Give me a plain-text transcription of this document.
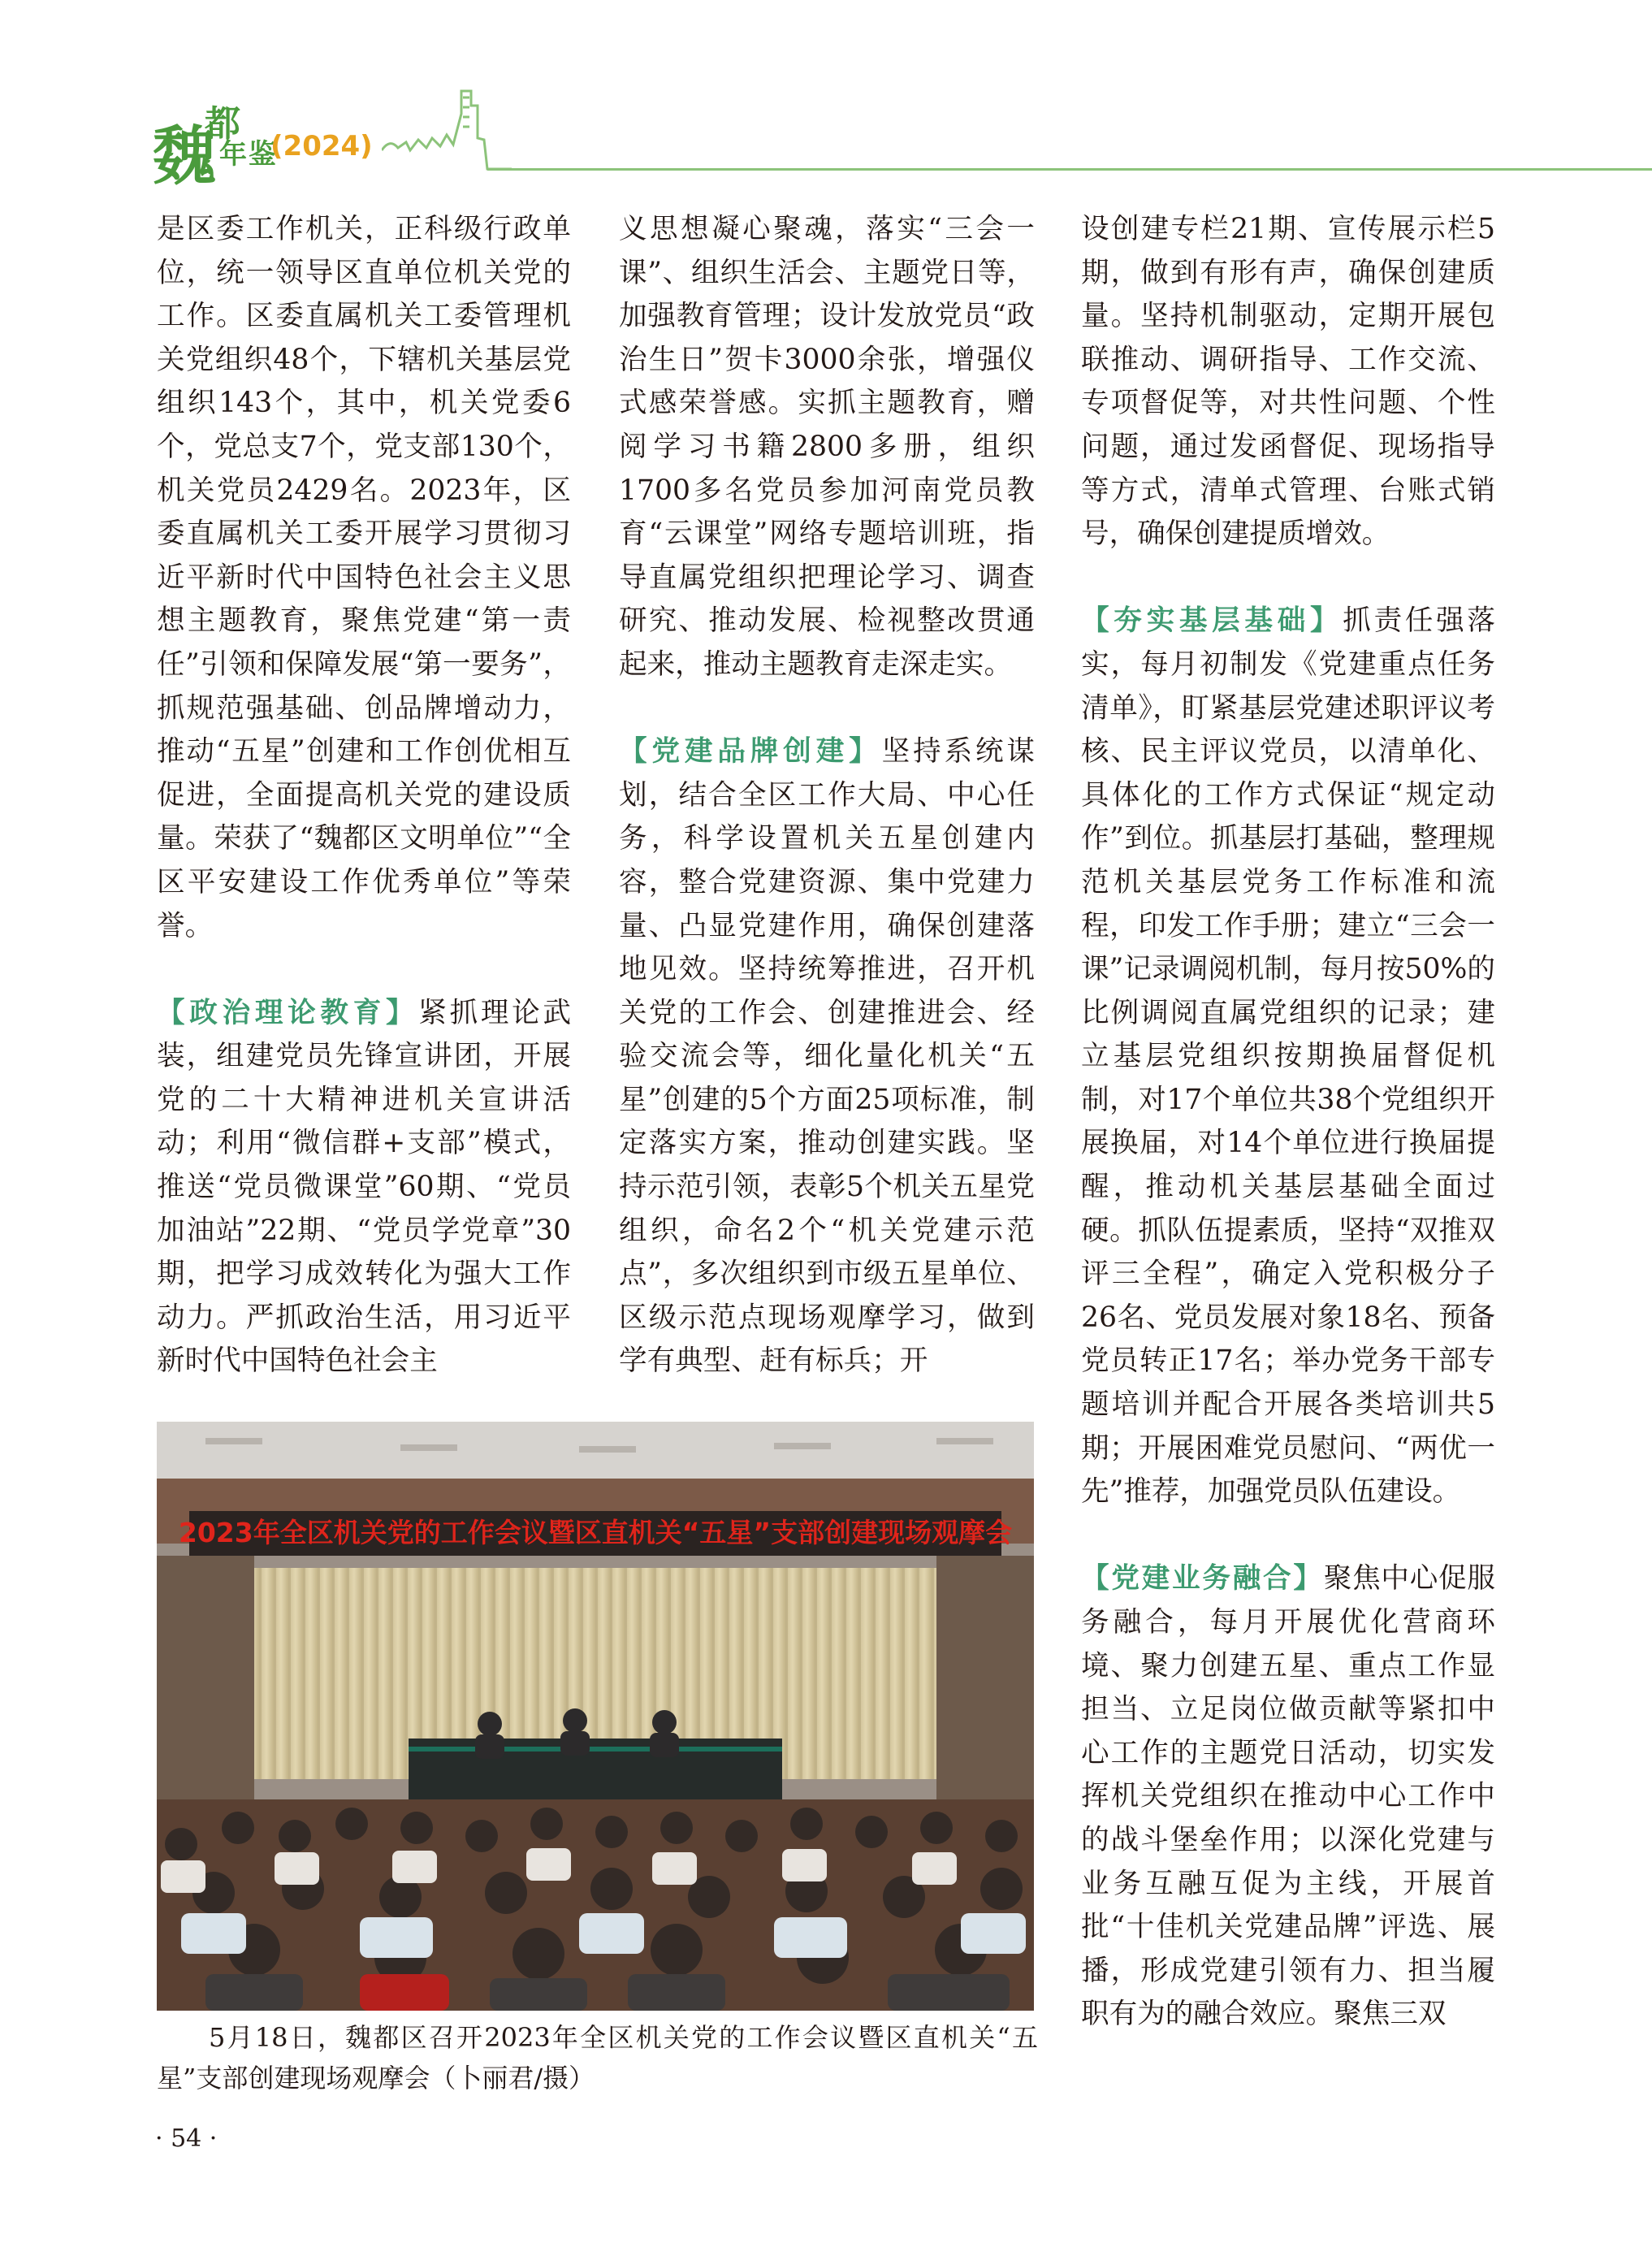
魏
都
年鉴
(2024)

是区委工作机关，正科级行政单位，统一领导区直单位机关党的工作。区委直属机关工委管理机关党组织48个，下辖机关基层党组织143个，其中，机关党委6个，党总支7个，党支部130个，机关党员2429名。2023年，区委直属机关工委开展学习贯彻习近平新时代中国特色社会主义思想主题教育，聚焦党建“第一责任”引领和保障发展“第一要务”，抓规范强基础、创品牌增动力，推动“五星”创建和工作创优相互促进，全面提高机关党的建设质量。荣获了“魏都区文明单位”“全区平安建设工作优秀单位”等荣誉。

【政治理论教育】紧抓理论武装，组建党员先锋宣讲团，开展党的二十大精神进机关宣讲活动；利用“微信群+支部”模式，推送“党员微课堂”60期、“党员加油站”22期、“党员学党章”30期，把学习成效转化为强大工作动力。严抓政治生活，用习近平新时代中国特色社会主

义思想凝心聚魂，落实“三会一课”、组织生活会、主题党日等，加强教育管理；设计发放党员“政治生日”贺卡3000余张，增强仪式感荣誉感。实抓主题教育，赠阅学习书籍2800多册，组织1700多名党员参加河南党员教育“云课堂”网络专题培训班，指导直属党组织把理论学习、调查研究、推动发展、检视整改贯通起来，推动主题教育走深走实。

【党建品牌创建】坚持系统谋划，结合全区工作大局、中心任务，科学设置机关五星创建内容，整合党建资源、集中党建力量、凸显党建作用，确保创建落地见效。坚持统筹推进，召开机关党的工作会、创建推进会、经验交流会等，细化量化机关“五星”创建的5个方面25项标准，制定落实方案，推动创建实践。坚持示范引领，表彰5个机关五星党组织，命名2个“机关党建示范点”，多次组织到市级五星单位、区级示范点现场观摩学习，做到学有典型、赶有标兵；开

设创建专栏21期、宣传展示栏5期，做到有形有声，确保创建质量。坚持机制驱动，定期开展包联推动、调研指导、工作交流、专项督促等，对共性问题、个性问题，通过发函督促、现场指导等方式，清单式管理、台账式销号，确保创建提质增效。

【夯实基层基础】抓责任强落实，每月初制发《党建重点任务清单》，盯紧基层党建述职评议考核、民主评议党员，以清单化、具体化的工作方式保证“规定动作”到位。抓基层打基础，整理规范机关基层党务工作标准和流程，印发工作手册；建立“三会一课”记录调阅机制，每月按50%的比例调阅直属党组织的记录；建立基层党组织按期换届督促机制，对17个单位共38个党组织开展换届，对14个单位进行换届提醒，推动机关基层基础全面过硬。抓队伍提素质，坚持“双推双评三全程”，确定入党积极分子26名、党员发展对象18名、预备党员转正17名；举办党务干部专题培训并配合开展各类培训共5期；开展困难党员慰问、“两优一先”推荐，加强党员队伍建设。

【党建业务融合】聚焦中心促服务融合，每月开展优化营商环境、聚力创建五星、重点工作显担当、立足岗位做贡献等紧扣中心工作的主题党日活动，切实发挥机关党组织在推动中心工作中的战斗堡垒作用；以深化党建与业务互融互促为主线，开展首批“十佳机关党建品牌”评选、展播，形成党建引领有力、担当履职有为的融合效应。聚焦三双

2023年全区机关党的工作会议暨区直机关“五星”支部创建现场观摩会
5月18日，魏都区召开2023年全区机关党的工作会议暨区直机关“五星”支部创建现场观摩会（卜丽君/摄）
· 54 ·
